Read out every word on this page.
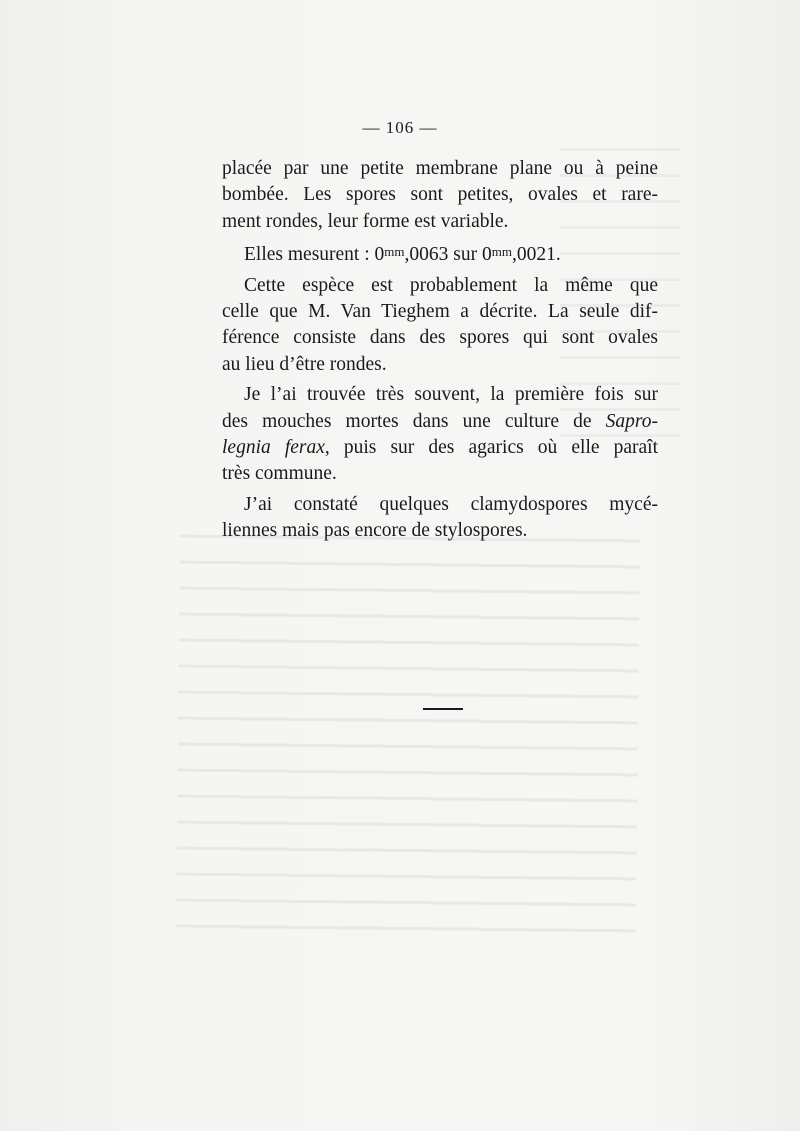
— 106 —

placée par une petite membrane plane ou à peine

bombée. Les spores sont petites, ovales et rare-

ment rondes, leur forme est variable.

Elles mesurent : $0^{mm},0063$ sur $0^{mm},0021$.

Cette espèce est probablement la même que

celle que M. Van Tieghem a décrite. La seule dif-

férence consiste dans des spores qui sont ovales

au lieu d’être rondes.

Je l’ai trouvée très souvent, la première fois sur

des mouches mortes dans une culture de Sapro-

legnia ferax, puis sur des agarics où elle paraît

très commune.

J’ai constaté quelques clamydospores mycé-

liennes mais pas encore de stylospores.
